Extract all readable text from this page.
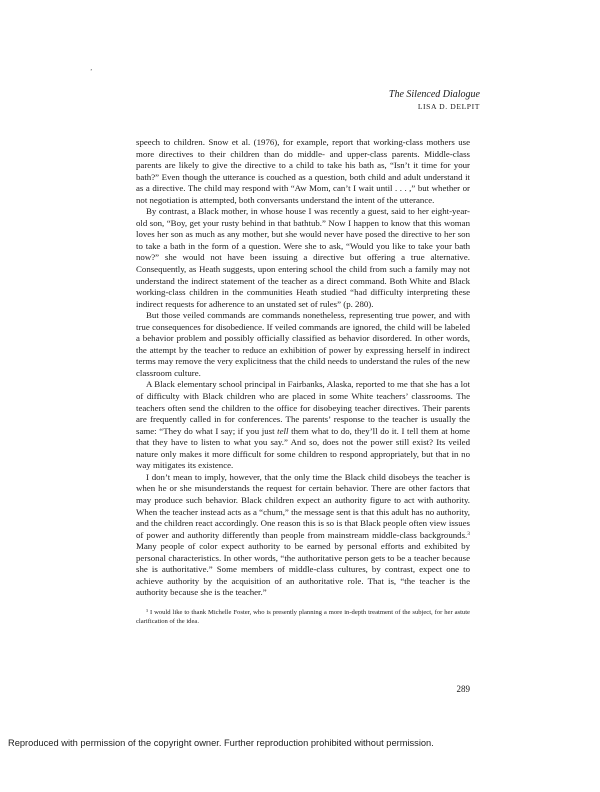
’
The Silenced Dialogue
LISA D. DELPIT

speech to children. Snow et al. (1976), for example, report that working-class mothers use more directives to their children than do middle- and upper-class parents. Middle-class parents are likely to give the directive to a child to take his bath as, “Isn’t it time for your bath?” Even though the utterance is couched as a question, both child and adult understand it as a directive. The child may respond with “Aw Mom, can’t I wait until . . . ,” but whether or not negotiation is attempted, both conversants understand the intent of the utterance.

By contrast, a Black mother, in whose house I was recently a guest, said to her eight-year-old son, “Boy, get your rusty behind in that bathtub.” Now I happen to know that this woman loves her son as much as any mother, but she would never have posed the directive to her son to take a bath in the form of a question. Were she to ask, “Would you like to take your bath now?” she would not have been issuing a directive but offering a true alternative. Consequently, as Heath suggests, upon entering school the child from such a family may not understand the indirect statement of the teacher as a direct command. Both White and Black working-class children in the communities Heath studied “had difficulty interpreting these indirect requests for adherence to an unstated set of rules” (p. 280).

But those veiled commands are commands nonetheless, representing true power, and with true consequences for disobedience. If veiled commands are ignored, the child will be labeled a behavior problem and possibly officially classified as behavior disordered. In other words, the attempt by the teacher to reduce an exhibition of power by expressing herself in indirect terms may remove the very explicitness that the child needs to understand the rules of the new classroom culture.

A Black elementary school principal in Fairbanks, Alaska, reported to me that she has a lot of difficulty with Black children who are placed in some White teachers’ classrooms. The teachers often send the children to the office for disobeying teacher directives. Their parents are frequently called in for conferences. The parents’ response to the teacher is usually the same: “They do what I say; if you just tell them what to do, they’ll do it. I tell them at home that they have to listen to what you say.” And so, does not the power still exist? Its veiled nature only makes it more difficult for some children to respond appropriately, but that in no way mitigates its existence.

I don’t mean to imply, however, that the only time the Black child disobeys the teacher is when he or she misunderstands the request for certain behavior. There are other factors that may produce such behavior. Black children expect an authority figure to act with authority. When the teacher instead acts as a “chum,” the message sent is that this adult has no authority, and the children react accordingly. One reason this is so is that Black people often view issues of power and authority differently than people from mainstream middle-class backgrounds.$^3$ Many people of color expect authority to be earned by personal efforts and exhibited by personal characteristics. In other words, “the authoritative person gets to be a teacher because she is authoritative.” Some members of middle-class cultures, by contrast, expect one to achieve authority by the acquisition of an authoritative role. That is, “the teacher is the authority because she is the teacher.”

$^3$ I would like to thank Michelle Foster, who is presently planning a more in-depth treatment of the subject, for her astute clarification of the idea.

289
Reproduced with permission of the copyright owner. Further reproduction prohibited without permission.
